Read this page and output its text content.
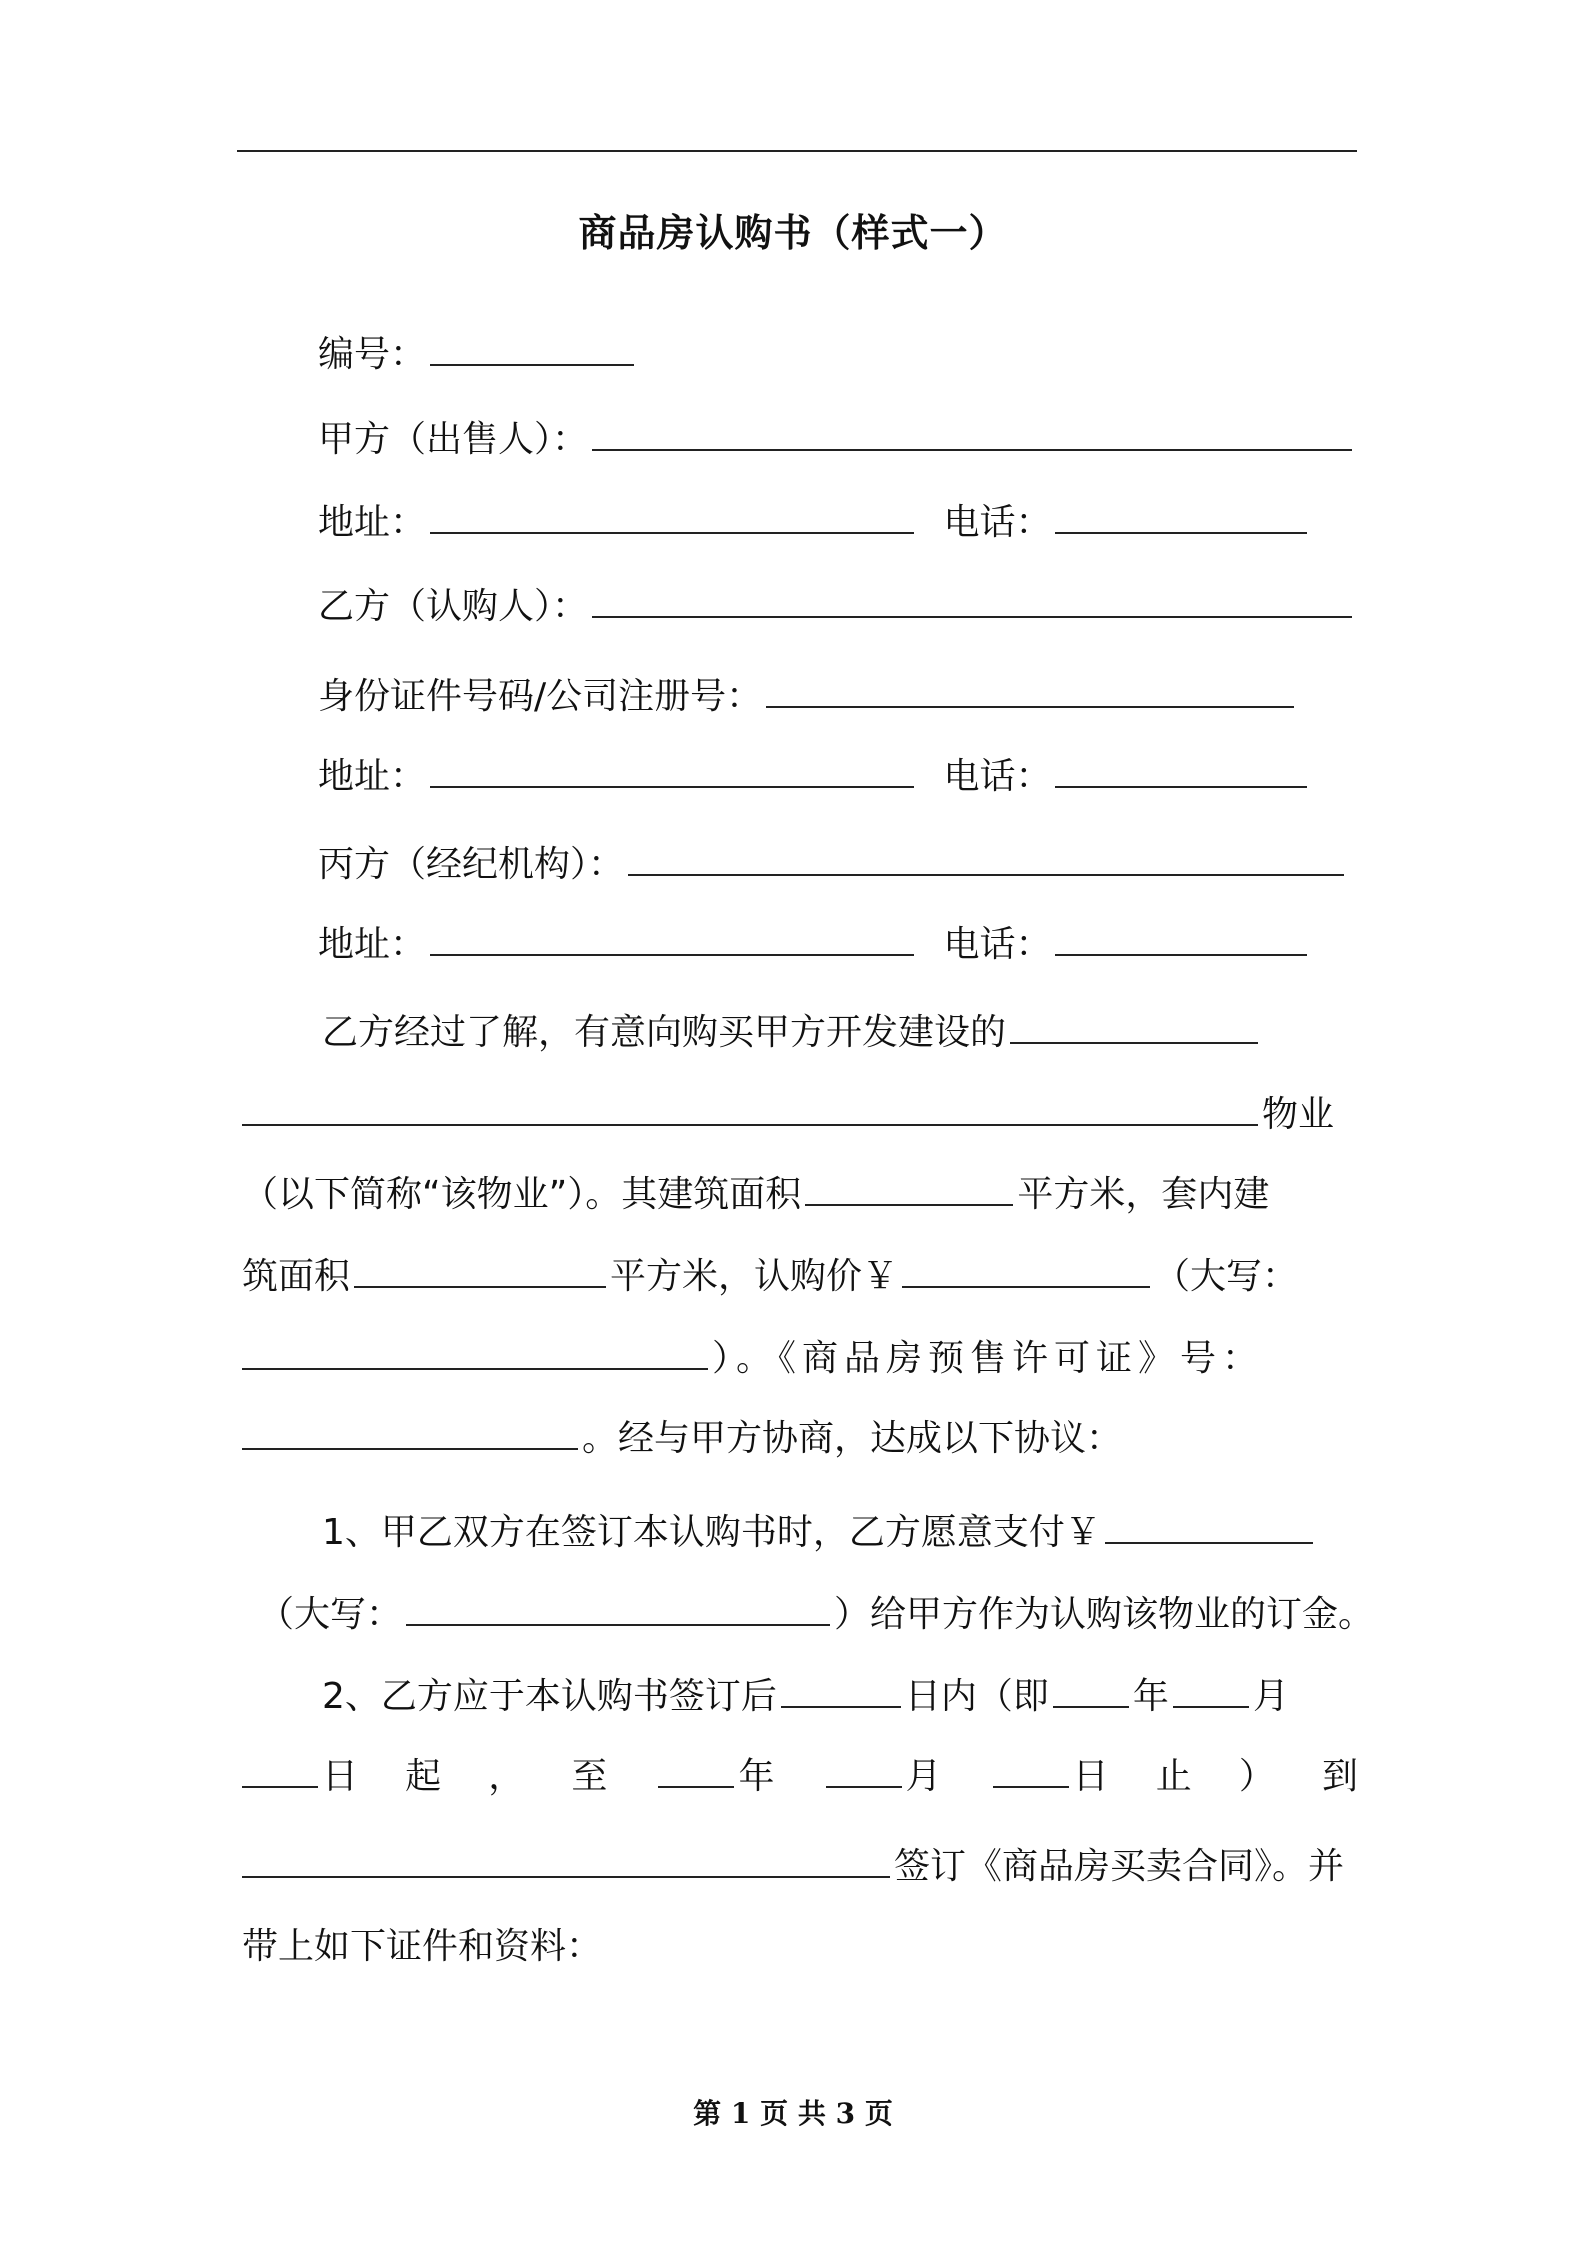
商品房认购书（样式一）
编号：
甲方（出售人）：
地址：	电话：
乙方（认购人）：
身份证件号码/公司注册号：
地址：	电话：
丙方（经纪机构）：
地址：	电话：
乙方经过了解，有意向购买甲方开发建设的
物业
（以下简称“该物业”）。其建筑面积	平方米，套内建
筑面积	平方米，认购价￥	（大写：
）。《商品房预售许可证》号：
。经与甲方协商，达成以下协议：
1、甲乙双方在签订本认购书时，乙方愿意支付￥
（大写：	）给甲方作为认购该物业的订金。
2、乙方应于本认购书签订后	日内（即 年 月
日 起 ， 至	年	月	日 止 ） 到
签订《商品房买卖合同》。并
带上如下证件和资料：
第 1 页 共 3 页
